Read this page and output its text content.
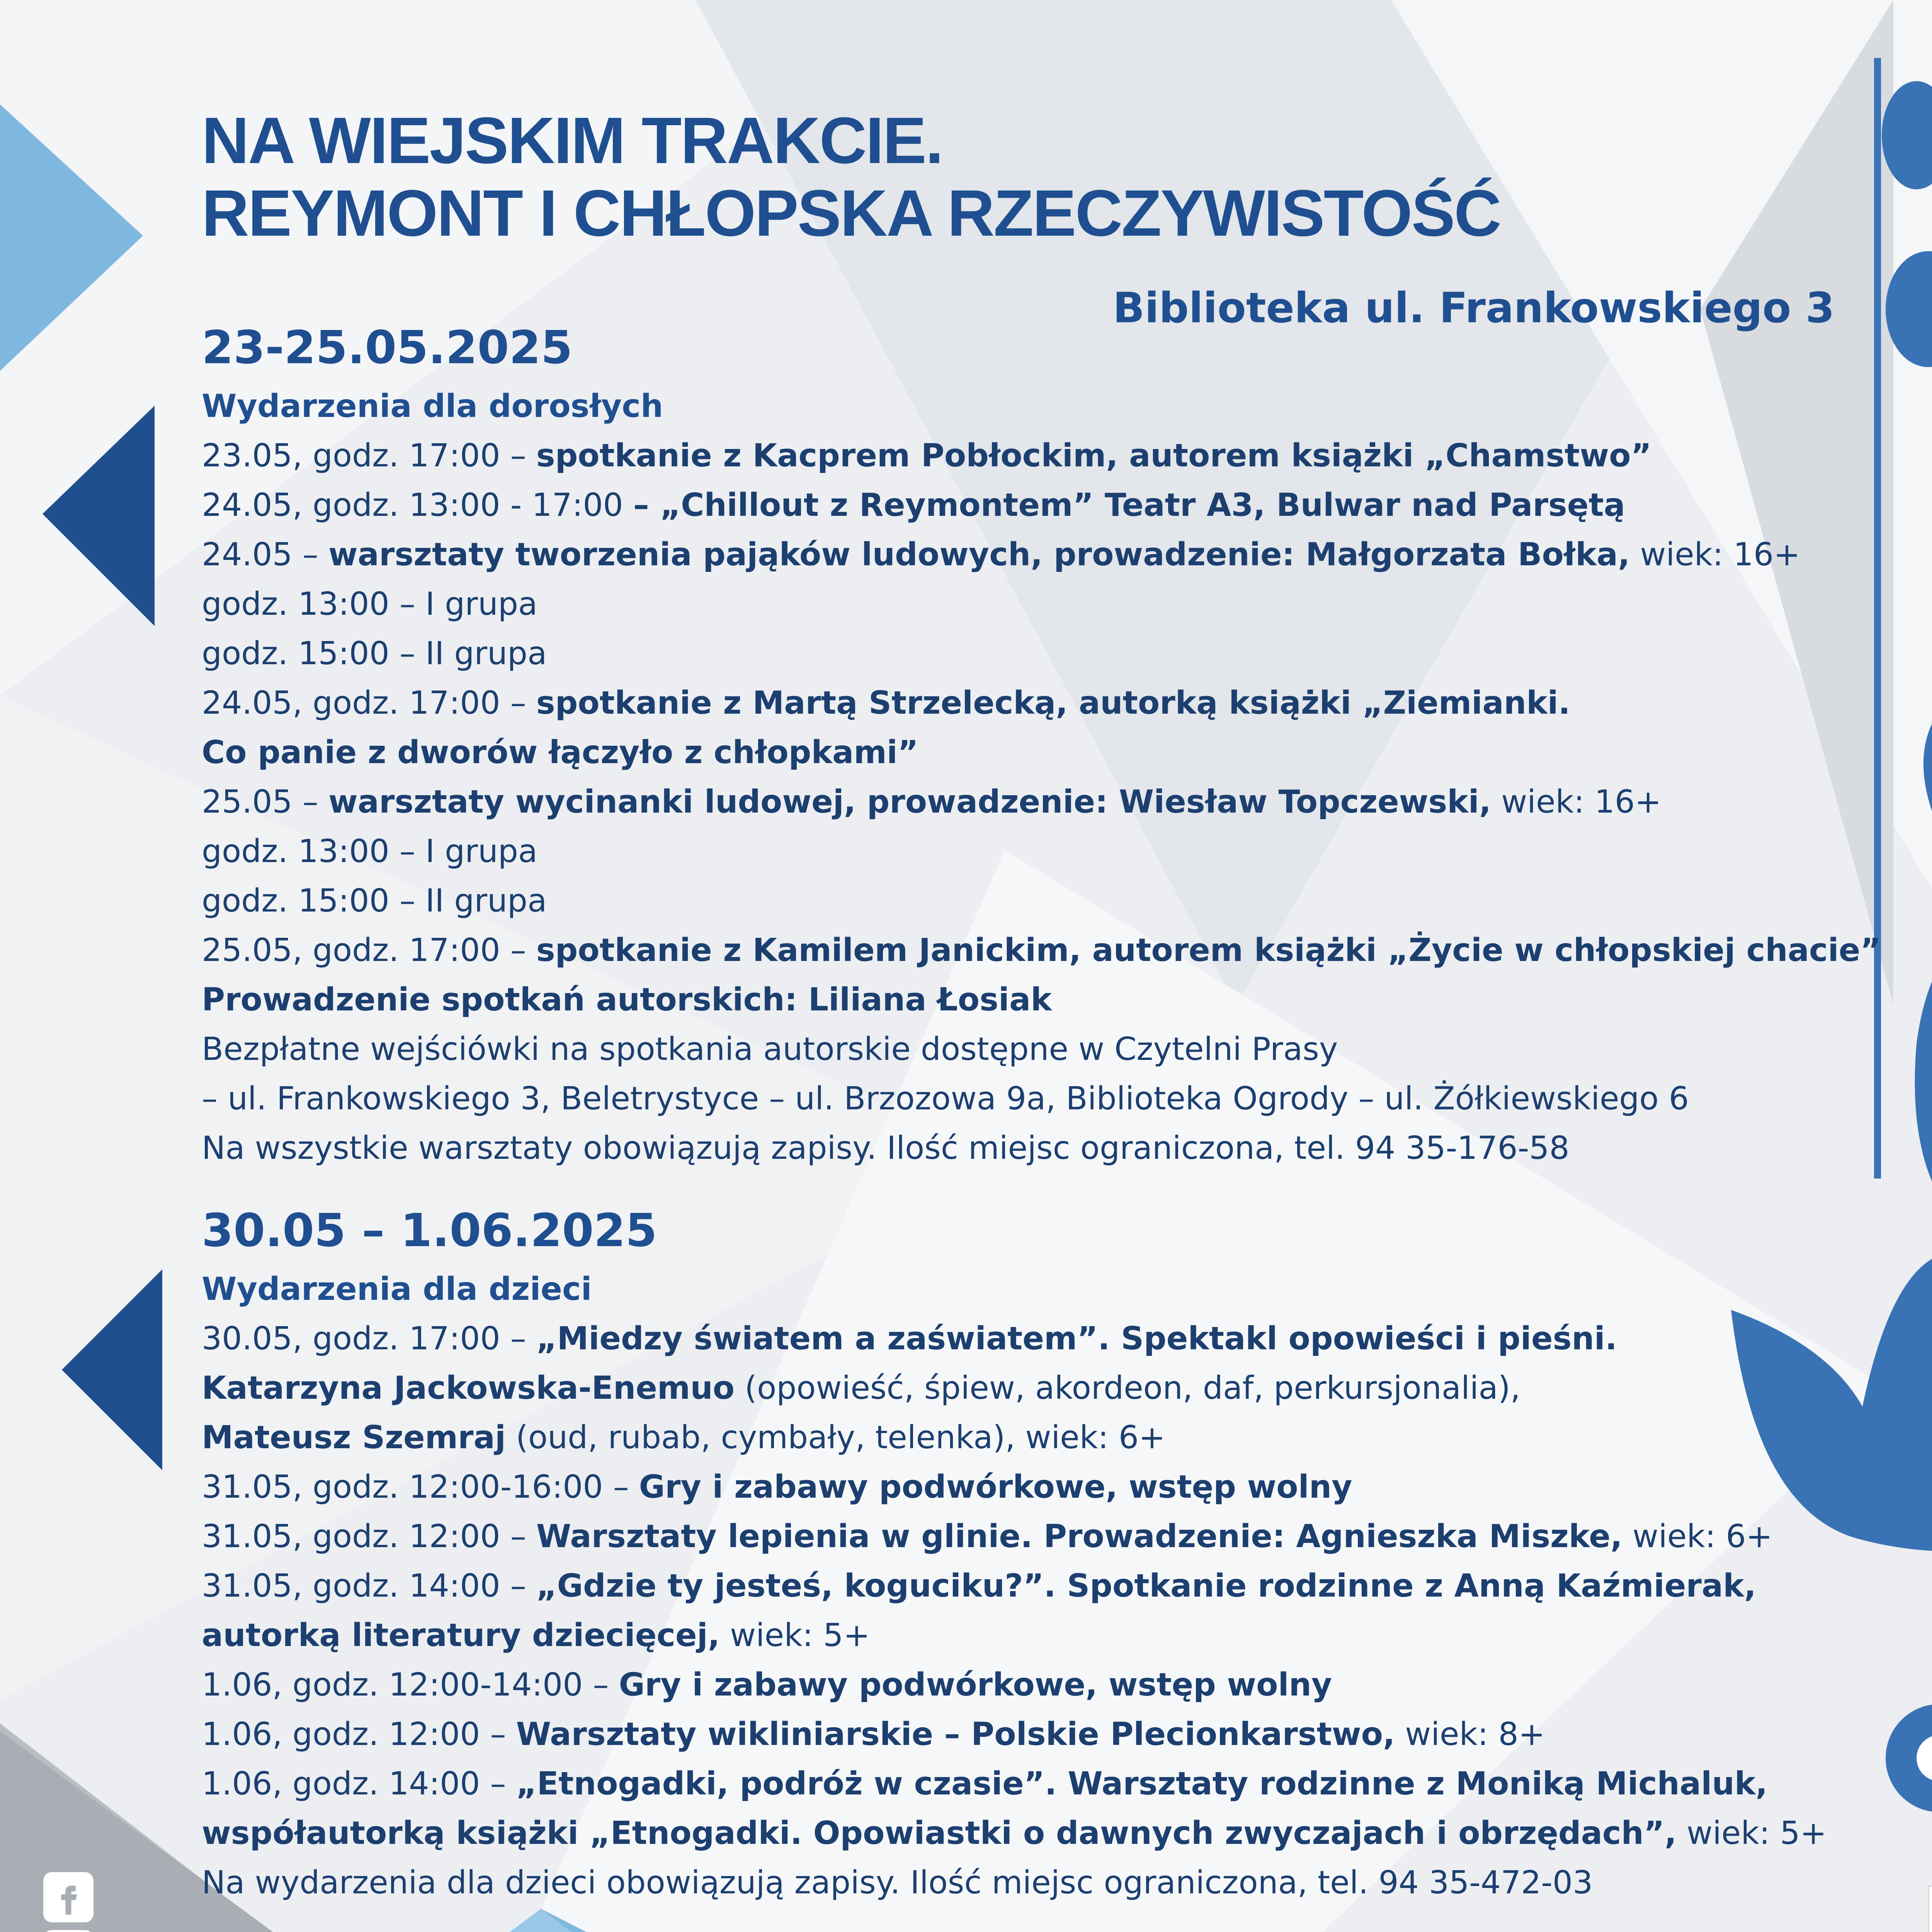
NA WIEJSKIM TRAKCIE.
REYMONT I CHŁOPSKA RZECZYWISTOŚĆ
Biblioteka ul. Frankowskiego 3
23-25.05.2025
Wydarzenia dla dorosłych
23.05, godz. 17:00 – spotkanie z Kacprem Pobłockim, autorem książki „Chamstwo”
24.05, godz. 13:00 - 17:00 – „Chillout z Reymontem” Teatr A3, Bulwar nad Parsętą
24.05 – warsztaty tworzenia pająków ludowych, prowadzenie: Małgorzata Bołka, wiek: 16+
godz. 13:00 – I grupa
godz. 15:00 – II grupa
24.05, godz. 17:00 – spotkanie z Martą Strzelecką, autorką książki „Ziemianki.
Co panie z dworów łączyło z chłopkami”
25.05 – warsztaty wycinanki ludowej, prowadzenie: Wiesław Topczewski, wiek: 16+
godz. 13:00 – I grupa
godz. 15:00 – II grupa
25.05, godz. 17:00 – spotkanie z Kamilem Janickim, autorem książki „Życie w chłopskiej chacie”
Prowadzenie spotkań autorskich: Liliana Łosiak
Bezpłatne wejściówki na spotkania autorskie dostępne w Czytelni Prasy
– ul. Frankowskiego 3, Beletrystyce – ul. Brzozowa 9a, Biblioteka Ogrody – ul. Żółkiewskiego 6
Na wszystkie warsztaty obowiązują zapisy. Ilość miejsc ograniczona, tel. 94 35-176-58
30.05 – 1.06.2025
Wydarzenia dla dzieci
30.05, godz. 17:00 – „Miedzy światem a zaświatem”. Spektakl opowieści i pieśni.
Katarzyna Jackowska-Enemuo (opowieść, śpiew, akordeon, daf, perkursjonalia),
Mateusz Szemraj (oud, rubab, cymbały, telenka), wiek: 6+
31.05, godz. 12:00-16:00 – Gry i zabawy podwórkowe, wstęp wolny
31.05, godz. 12:00 – Warsztaty lepienia w glinie. Prowadzenie: Agnieszka Miszke, wiek: 6+
31.05, godz. 14:00 – „Gdzie ty jesteś, koguciku?”. Spotkanie rodzinne z Anną Kaźmierak,
autorką literatury dziecięcej, wiek: 5+
1.06, godz. 12:00-14:00 – Gry i zabawy podwórkowe, wstęp wolny
1.06, godz. 12:00 – Warsztaty wikliniarskie – Polskie Plecionkarstwo, wiek: 8+
1.06, godz. 14:00 – „Etnogadki, podróż w czasie”. Warsztaty rodzinne z Moniką Michaluk,
współautorką książki „Etnogadki. Opowiastki o dawnych zwyczajach i obrzędach”, wiek: 5+
Na wydarzenia dla dzieci obowiązują zapisy. Ilość miejsc ograniczona, tel. 94 35-472-03
